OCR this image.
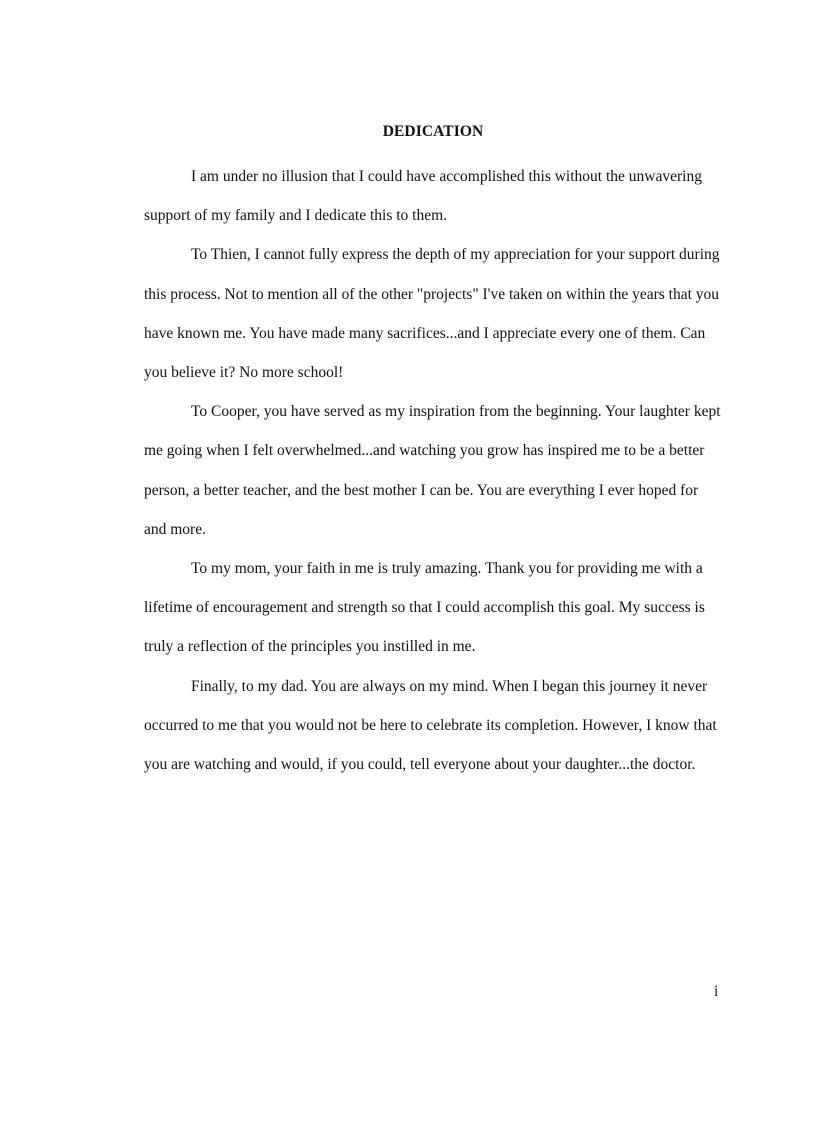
DEDICATION

I am under no illusion that I could have accomplished this without the unwavering support of my family and I dedicate this to them.

To Thien, I cannot fully express the depth of my appreciation for your support during this process. Not to mention all of the other "projects" I've taken on within the years that you have known me. You have made many sacrifices...and I appreciate every one of them. Can you believe it? No more school!

To Cooper, you have served as my inspiration from the beginning. Your laughter kept me going when I felt overwhelmed...and watching you grow has inspired me to be a better person, a better teacher, and the best mother I can be. You are everything I ever hoped for and more.

To my mom, your faith in me is truly amazing. Thank you for providing me with a lifetime of encouragement and strength so that I could accomplish this goal. My success is truly a reflection of the principles you instilled in me.

Finally, to my dad. You are always on my mind. When I began this journey it never occurred to me that you would not be here to celebrate its completion. However, I know that you are watching and would, if you could, tell everyone about your daughter...the doctor.

i
